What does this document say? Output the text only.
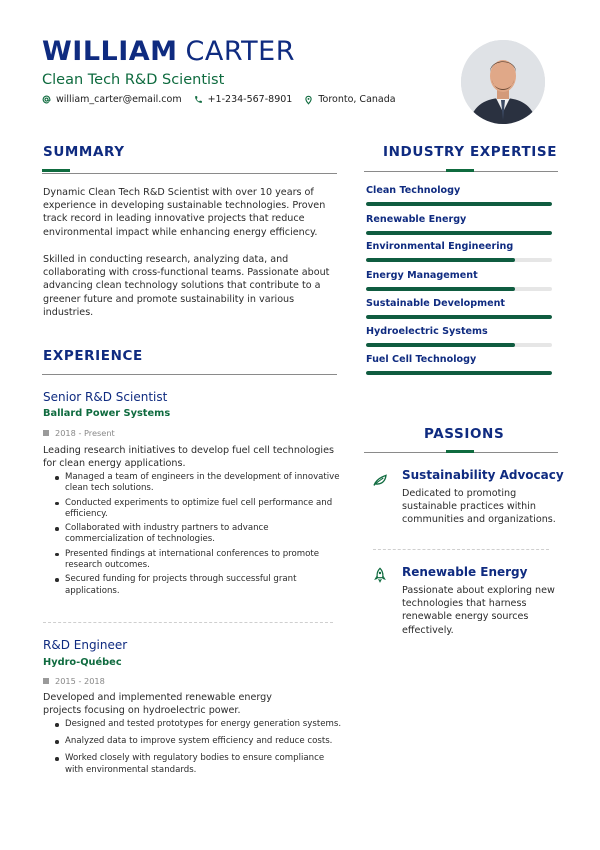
WILLIAM CARTER
Clean Tech R&D Scientist
william_carter@email.com	+1-234-567-8901	Toronto, Canada
SUMMARY
Dynamic Clean Tech R&D Scientist with over 10 years of experience in developing sustainable technologies. Proven track record in leading innovative projects that reduce environmental impact while enhancing energy efficiency.
Skilled in conducting research, analyzing data, and collaborating with cross-functional teams. Passionate about advancing clean technology solutions that contribute to a greener future and promote sustainability in various industries.
EXPERIENCE
Senior R&D Scientist
Ballard Power Systems
2018 - Present
Leading research initiatives to develop fuel cell technologies for clean energy applications.
Managed a team of engineers in the development of innovative clean tech solutions.
Conducted experiments to optimize fuel cell performance and efficiency.
Collaborated with industry partners to advance commercialization of technologies.
Presented findings at international conferences to promote research outcomes.
Secured funding for projects through successful grant applications.
R&D Engineer
Hydro-Québec
2015 - 2018
Developed and implemented renewable energy projects focusing on hydroelectric power.
Designed and tested prototypes for energy generation systems.
Analyzed data to improve system efficiency and reduce costs.
Worked closely with regulatory bodies to ensure compliance with environmental standards.
INDUSTRY EXPERTISE
Clean Technology
Renewable Energy
Environmental Engineering
Energy Management
Sustainable Development
Hydroelectric Systems
Fuel Cell Technology
PASSIONS
Sustainability Advocacy
Dedicated to promoting sustainable practices within communities and organizations.
Renewable Energy
Passionate about exploring new technologies that harness renewable energy sources effectively.
